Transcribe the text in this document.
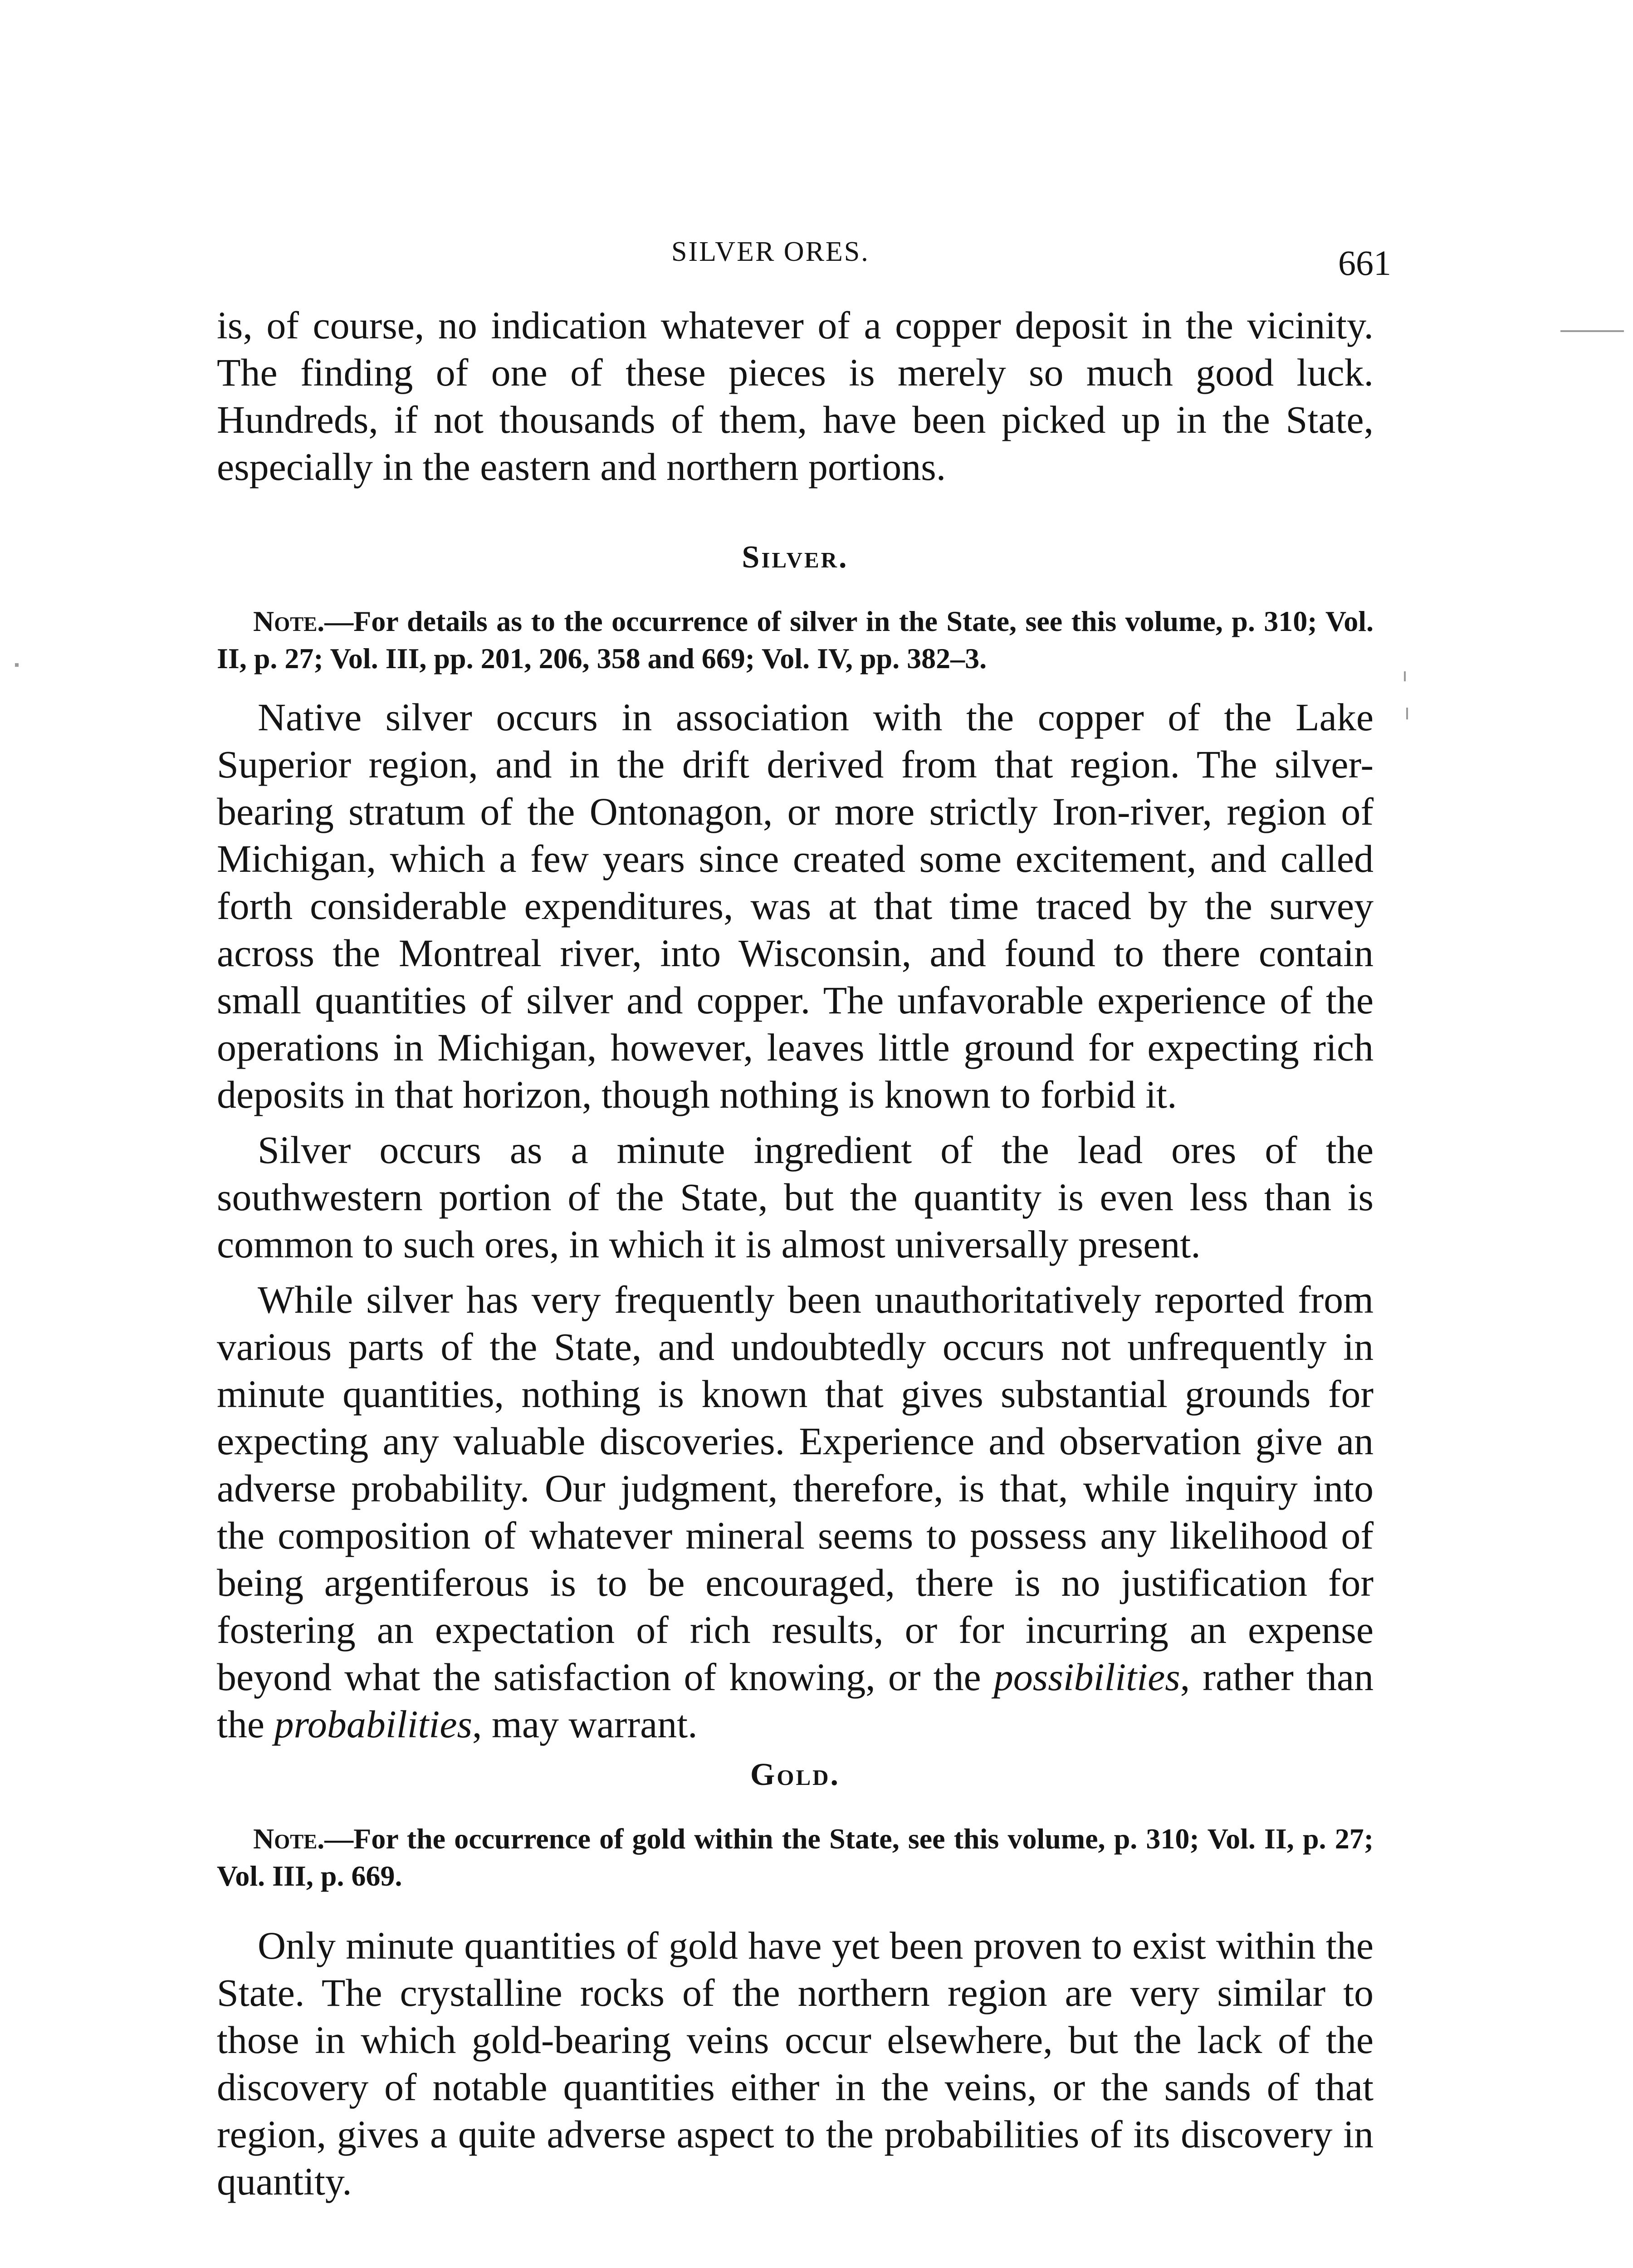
SILVER ORES.	661

is, of course, no indication whatever of a copper deposit in the vicinity. The finding of one of these pieces is merely so much good luck. Hundreds, if not thousands of them, have been picked up in the State, especially in the eastern and northern portions.

Silver.

Note.—For details as to the occurrence of silver in the State, see this volume, p. 310; Vol. II, p. 27; Vol. III, pp. 201, 206, 358 and 669; Vol. IV, pp. 382–3.

Native silver occurs in association with the copper of the Lake Superior region, and in the drift derived from that region. The silver-bearing stratum of the Ontonagon, or more strictly Iron-river, region of Michigan, which a few years since created some excitement, and called forth considerable expenditures, was at that time traced by the survey across the Montreal river, into Wisconsin, and found to there contain small quantities of silver and copper. The unfavorable experience of the operations in Michigan, however, leaves little ground for expecting rich deposits in that horizon, though nothing is known to forbid it.

Silver occurs as a minute ingredient of the lead ores of the southwestern portion of the State, but the quantity is even less than is common to such ores, in which it is almost universally present.

While silver has very frequently been unauthoritatively reported from various parts of the State, and undoubtedly occurs not unfrequently in minute quantities, nothing is known that gives substantial grounds for expecting any valuable discoveries. Experience and observation give an adverse probability. Our judgment, therefore, is that, while inquiry into the composition of whatever mineral seems to possess any likelihood of being argentiferous is to be encouraged, there is no justification for fostering an expectation of rich results, or for incurring an expense beyond what the satisfaction of knowing, or the possibilities, rather than the probabilities, may warrant.

Gold.

Note.—For the occurrence of gold within the State, see this volume, p. 310; Vol. II, p. 27; Vol. III, p. 669.

Only minute quantities of gold have yet been proven to exist within the State. The crystalline rocks of the northern region are very similar to those in which gold-bearing veins occur elsewhere, but the lack of the discovery of notable quantities either in the veins, or the sands of that region, gives a quite adverse aspect to the probabilities of its discovery in quantity.
